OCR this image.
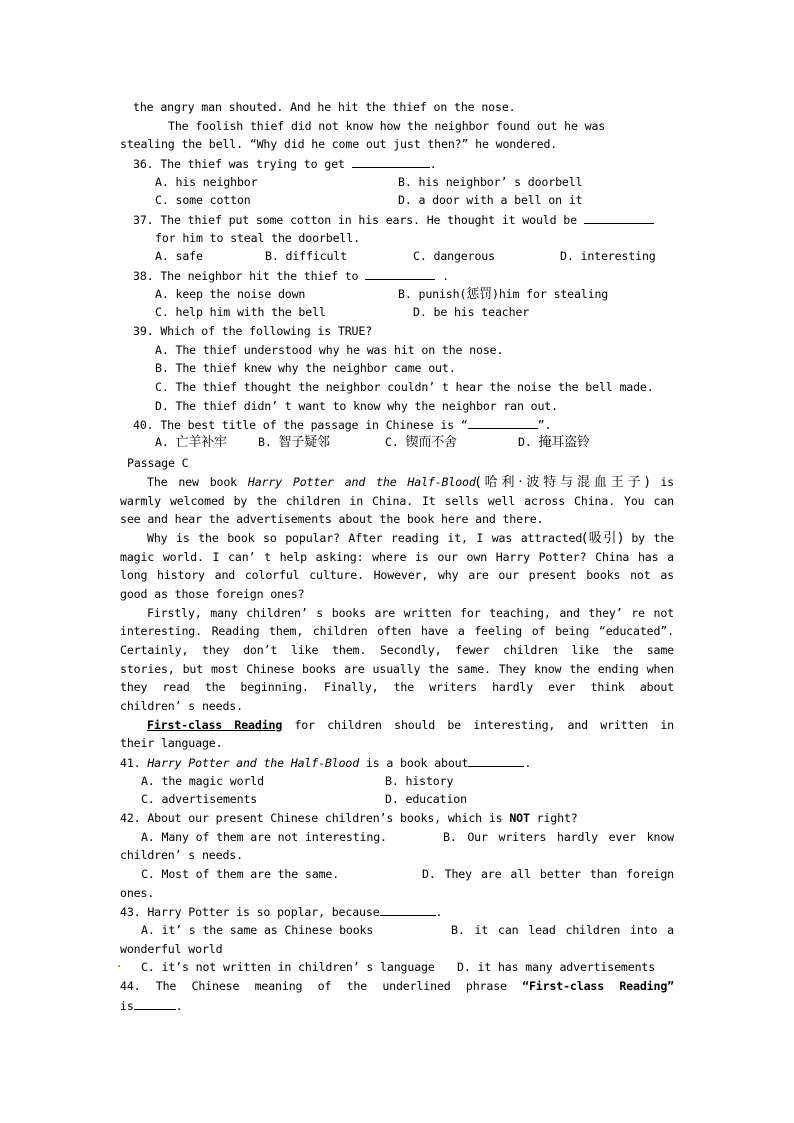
the angry man shouted. And he hit the thief on the nose.
The foolish thief did not know how the neighbor found out he was
stealing the bell. “Why did he come out just then?” he wondered.
36. The thief was trying to get	.
A. his neighbor	B. his neighbor’ s doorbell
C. some cotton	D. a door with a bell on it
37. The thief put some cotton in his ears. He thought it would be
for him to steal the doorbell.
A. safe	B. difficult	C. dangerous	D. interesting
38. The neighbor hit the thief to	.
A. keep the noise down	B. punish(惩罚)him for stealing
C. help him with the bell	D. be his teacher
39. Which of the following is TRUE?
A. The thief understood why he was hit on the nose.
B. The thief knew why the neighbor came out.
C. The thief thought the neighbor couldn’ t hear the noise the bell made.
D. The thief didn’ t want to know why the neighbor ran out.
40. The best title of the passage in Chinese is “	”.
A. 亡羊补牢	B. 智子疑邻	C. 锲而不舍	D. 掩耳盗铃
Passage C
The new book Harry Potter and the Half-Blood(哈利·波特与混血王子) is
warmly welcomed by the children in China. It sells well across China. You can
see and hear the advertisements about the book here and there.
Why is the book so popular? After reading it, I was attracted(吸引) by the
magic world. I can’ t help asking: where is our own Harry Potter? China has a
long history and colorful culture. However, why are our present books not as
good as those foreign ones?
Firstly, many children’ s books are written for teaching, and they’ re not
interesting. Reading them, children often have a feeling of being “educated”.
Certainly, they don’t like them. Secondly, fewer children like the same
stories, but most Chinese books are usually the same. They know the ending when
they read the beginning. Finally, the writers hardly ever think about
children’ s needs.
First-class Reading for children should be interesting, and written in
their language.
41. Harry Potter and the Half-Blood is a book about	.
A. the magic world	B. history
C. advertisements	D. education
42. About our present Chinese children’s books, which is NOT right?
A. Many of them are not interesting.	B. Our writers hardly ever know
children’ s needs.
C. Most of them are the same.	D. They are all better than foreign
ones.
43. Harry Potter is so poplar, because	.
A. it’ s the same as Chinese books	B. it can lead children into a
wonderful world
C. it’s not written in children’ s language D. it has many advertisements
44. The Chinese meaning of the underlined phrase “First-class Reading”
is	.
